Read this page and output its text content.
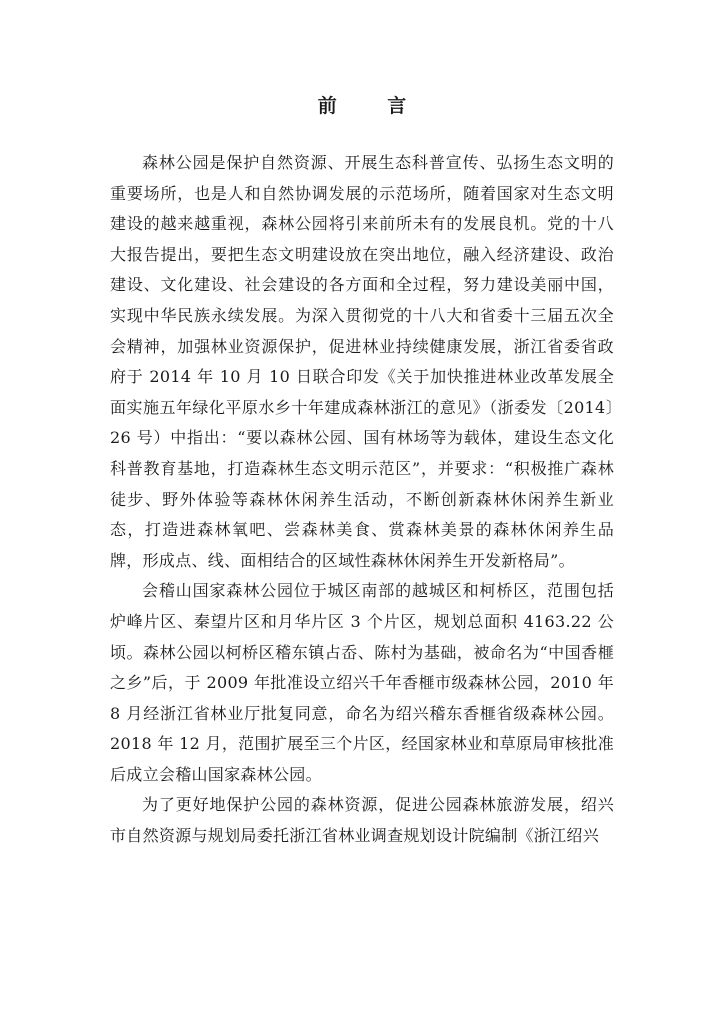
前 言

森林公园是保护自然资源、开展生态科普宣传、弘扬生态文明的重要场所，也是人和自然协调发展的示范场所，随着国家对生态文明建设的越来越重视，森林公园将引来前所未有的发展良机。党的十八大报告提出，要把生态文明建设放在突出地位，融入经济建设、政治建设、文化建设、社会建设的各方面和全过程，努力建设美丽中国，实现中华民族永续发展。为深入贯彻党的十八大和省委十三届五次全会精神，加强林业资源保护，促进林业持续健康发展，浙江省委省政府于 2014 年 10 月 10 日联合印发《关于加快推进林业改革发展全面实施五年绿化平原水乡十年建成森林浙江的意见》（浙委发〔2014〕26 号）中指出：“要以森林公园、国有林场等为载体，建设生态文化科普教育基地，打造森林生态文明示范区”，并要求：“积极推广森林徒步、野外体验等森林休闲养生活动，不断创新森林休闲养生新业态，打造进森林氧吧、尝森林美食、赏森林美景的森林休闲养生品牌，形成点、线、面相结合的区域性森林休闲养生开发新格局”。

会稽山国家森林公园位于城区南部的越城区和柯桥区，范围包括炉峰片区、秦望片区和月华片区 3 个片区，规划总面积 4163.22 公顷。森林公园以柯桥区稽东镇占岙、陈村为基础，被命名为“中国香榧之乡”后，于 2009 年批准设立绍兴千年香榧市级森林公园，2010 年 8 月经浙江省林业厅批复同意，命名为绍兴稽东香榧省级森林公园。2018 年 12 月，范围扩展至三个片区，经国家林业和草原局审核批准后成立会稽山国家森林公园。

为了更好地保护公园的森林资源，促进公园森林旅游发展，绍兴市自然资源与规划局委托浙江省林业调查规划设计院编制《浙江绍兴
